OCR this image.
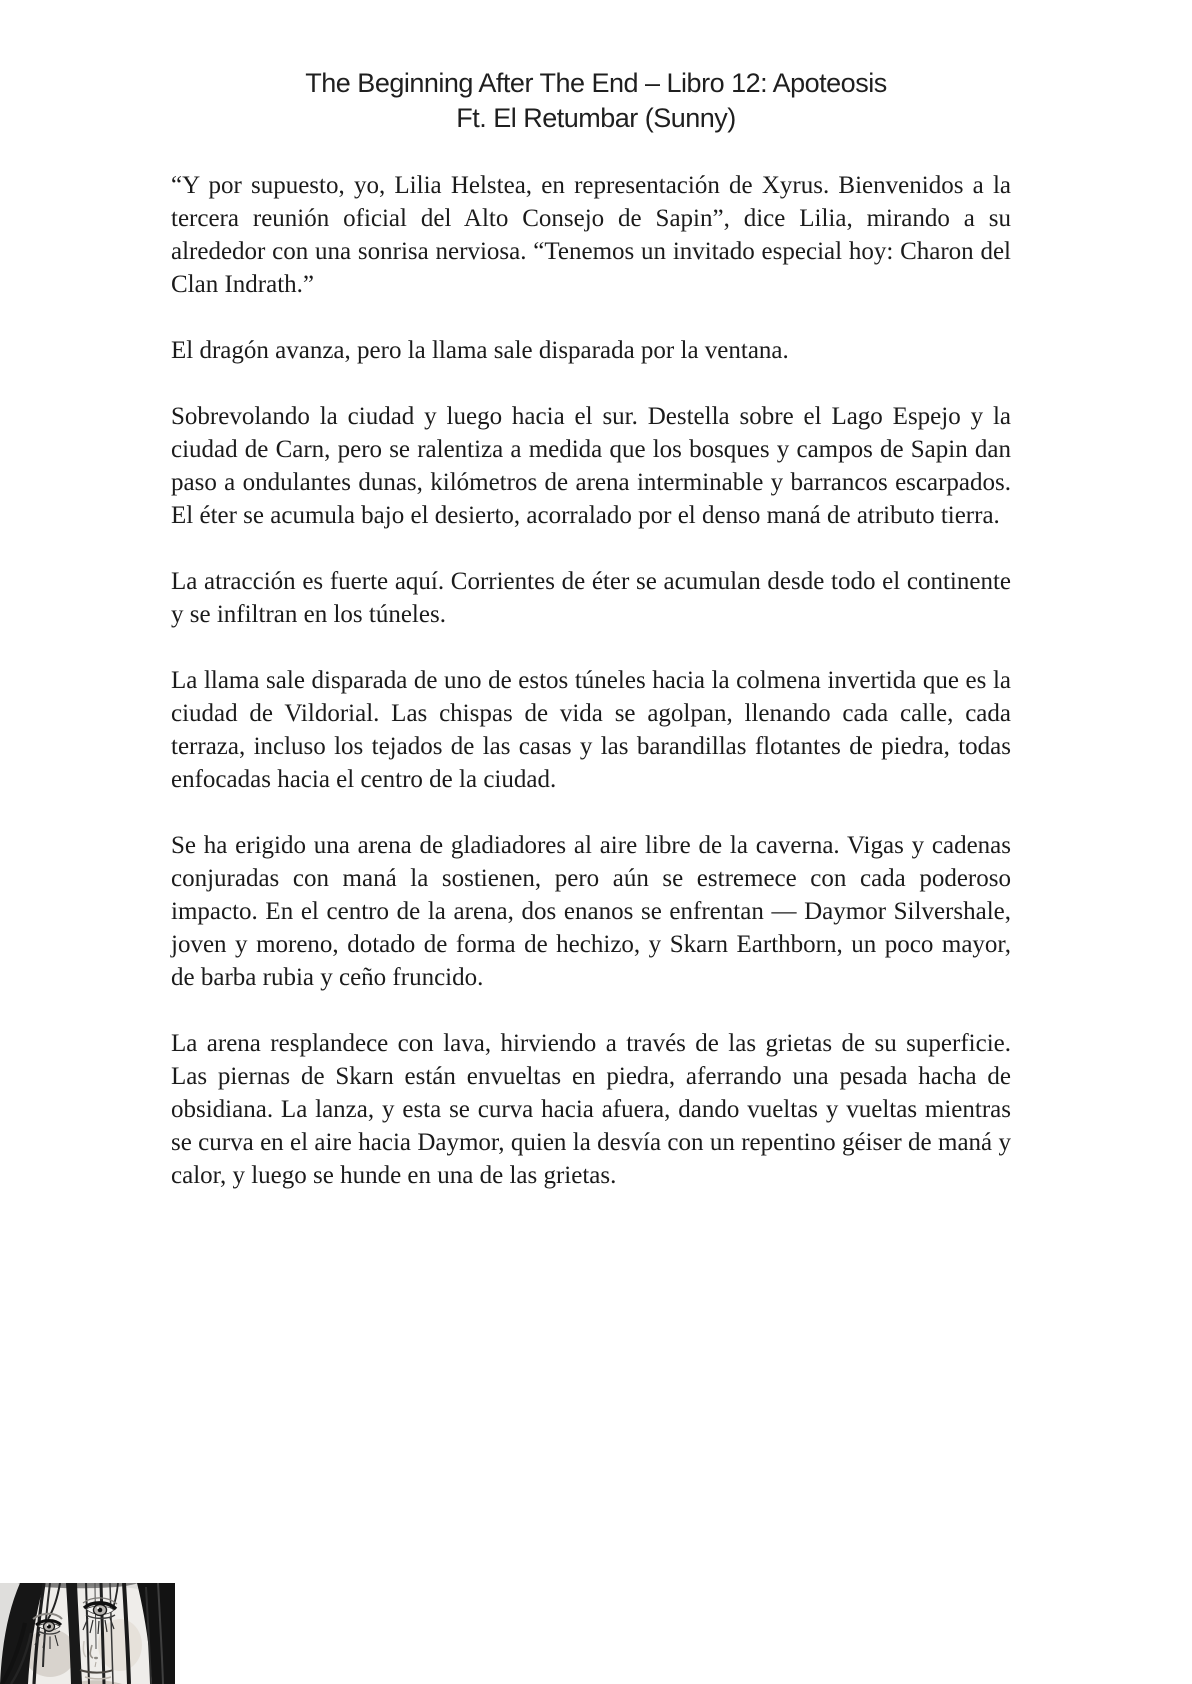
The Beginning After The End – Libro 12: Apoteosis
Ft. El Retumbar (Sunny)

“Y por supuesto, yo, Lilia Helstea, en representación de Xyrus. Bienvenidos a la tercera reunión oficial del Alto Consejo de Sapin”, dice Lilia, mirando a su alrededor con una sonrisa nerviosa. “Tenemos un invitado especial hoy: Charon del Clan Indrath.”

El dragón avanza, pero la llama sale disparada por la ventana.

Sobrevolando la ciudad y luego hacia el sur. Destella sobre el Lago Espejo y la ciudad de Carn, pero se ralentiza a medida que los bosques y campos de Sapin dan paso a ondulantes dunas, kilómetros de arena interminable y barrancos escarpados. El éter se acumula bajo el desierto, acorralado por el denso maná de atributo tierra.

La atracción es fuerte aquí. Corrientes de éter se acumulan desde todo el continente y se infiltran en los túneles.

La llama sale disparada de uno de estos túneles hacia la colmena invertida que es la ciudad de Vildorial. Las chispas de vida se agolpan, llenando cada calle, cada terraza, incluso los tejados de las casas y las barandillas flotantes de piedra, todas enfocadas hacia el centro de la ciudad.

Se ha erigido una arena de gladiadores al aire libre de la caverna. Vigas y cadenas conjuradas con maná la sostienen, pero aún se estremece con cada poderoso impacto. En el centro de la arena, dos enanos se enfrentan — Daymor Silvershale, joven y moreno, dotado de forma de hechizo, y Skarn Earthborn, un poco mayor, de barba rubia y ceño fruncido.

La arena resplandece con lava, hirviendo a través de las grietas de su superficie. Las piernas de Skarn están envueltas en piedra, aferrando una pesada hacha de obsidiana. La lanza, y esta se curva hacia afuera, dando vueltas y vueltas mientras se curva en el aire hacia Daymor, quien la desvía con un repentino géiser de maná y calor, y luego se hunde en una de las grietas.
